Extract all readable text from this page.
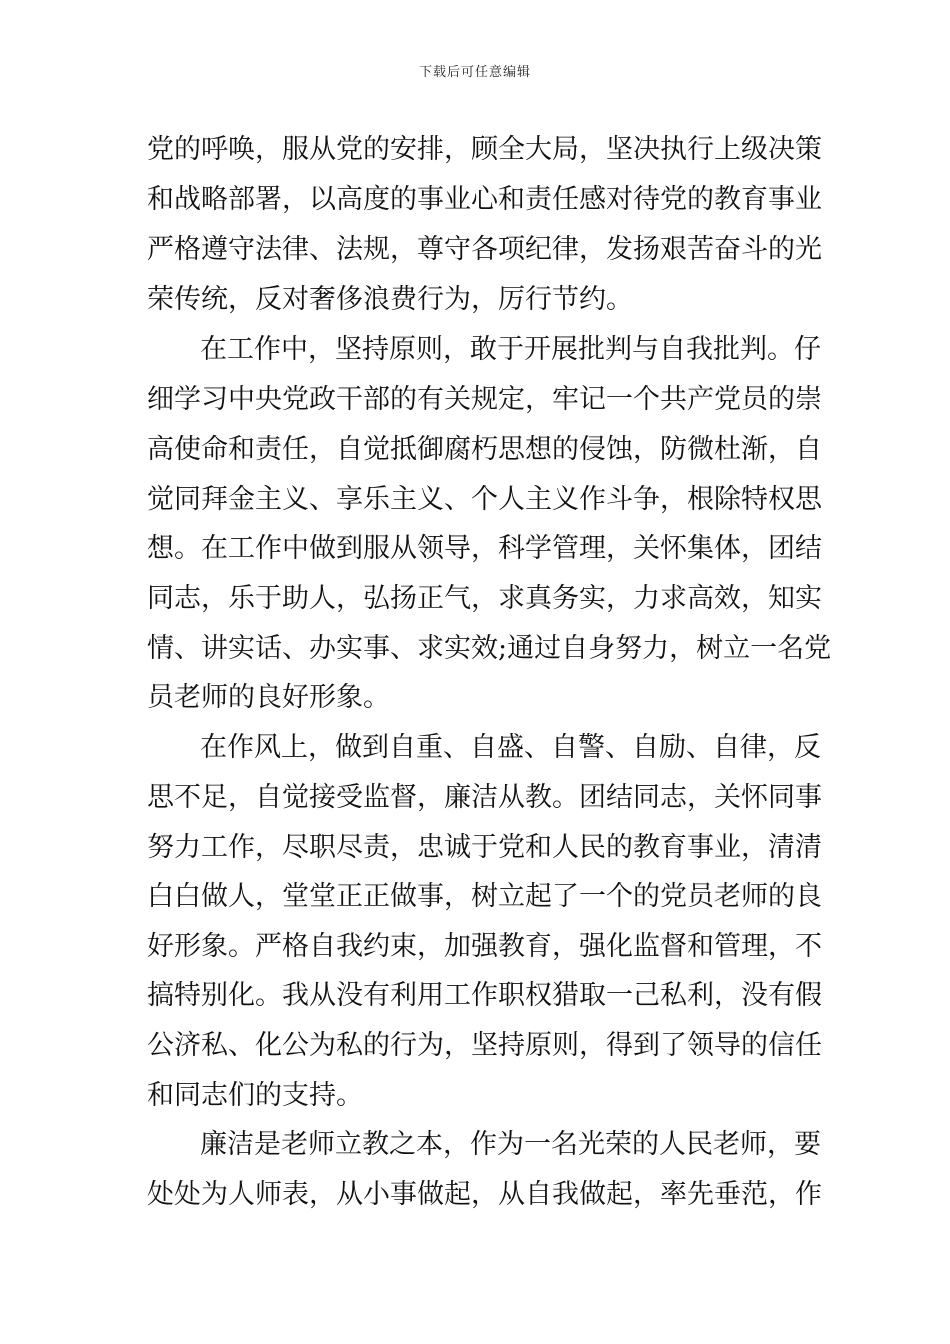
下载后可任意编辑
党 的 呼 唤 ， 服 从 党 的 安 排 ， 顾 全 大 局 ， 坚 决 执 行 上 级 决 策
和 战 略 部 署 ， 以 高 度 的 事 业 心 和 责 任 感 对 待 党 的 教 育 事 业
严 格 遵 守 法 律 、 法 规 ， 尊 守 各 项 纪 律 ， 发 扬 艰 苦 奋 斗 的 光
荣传统，反对奢侈浪费行为，厉行节约。
在 工 作 中 ， 坚 持 原 则 ， 敢 于 开 展 批 判 与 自 我 批 判 。 仔
细 学 习 中 央 党 政 干 部 的 有 关 规 定 ， 牢 记 一 个 共 产 党 员 的 崇
高 使 命 和 责 任 ， 自 觉 抵 御 腐 朽 思 想 的 侵 蚀 ， 防 微 杜 渐 ， 自
觉 同 拜 金 主 义 、 享 乐 主 义 、 个 人 主 义 作 斗 争 ， 根 除 特 权 思
想 。 在 工 作 中 做 到 服 从 领 导 ， 科 学 管 理 ， 关 怀 集 体 ， 团 结
同 志 ， 乐 于 助 人 ， 弘 扬 正 气 ， 求 真 务 实 ， 力 求 高 效 ， 知 实
情 、 讲 实 话 、 办 实 事 、 求 实 效 ; 通 过 自 身 努 力 ， 树 立 一 名 党
员老师的良好形象。
在 作 风 上 ， 做 到 自 重 、 自 盛 、 自 警 、 自 励 、 自 律 ， 反
思 不 足 ， 自 觉 接 受 监 督 ， 廉 洁 从 教 。 团 结 同 志 ， 关 怀 同 事
努 力 工 作 ， 尽 职 尽 责 ， 忠 诚 于 党 和 人 民 的 教 育 事 业 ， 清 清
白 白 做 人 ， 堂 堂 正 正 做 事 ， 树 立 起 了 一 个 的 党 员 老 师 的 良
好 形 象 。 严 格 自 我 约 束 ， 加 强 教 育 ， 强 化 监 督 和 管 理 ， 不
搞 特 别 化 。 我 从 没 有 利 用 工 作 职 权 猎 取 一 己 私 利 ， 没 有 假
公 济 私 、 化 公 为 私 的 行 为 ， 坚 持 原 则 ， 得 到 了 领 导 的 信 任
和同志们的支持。
廉 洁 是 老 师 立 教 之 本 ， 作 为 一 名 光 荣 的 人 民 老 师 ， 要
处 处 为 人 师 表 ， 从 小 事 做 起 ， 从 自 我 做 起 ， 率 先 垂 范 ， 作
